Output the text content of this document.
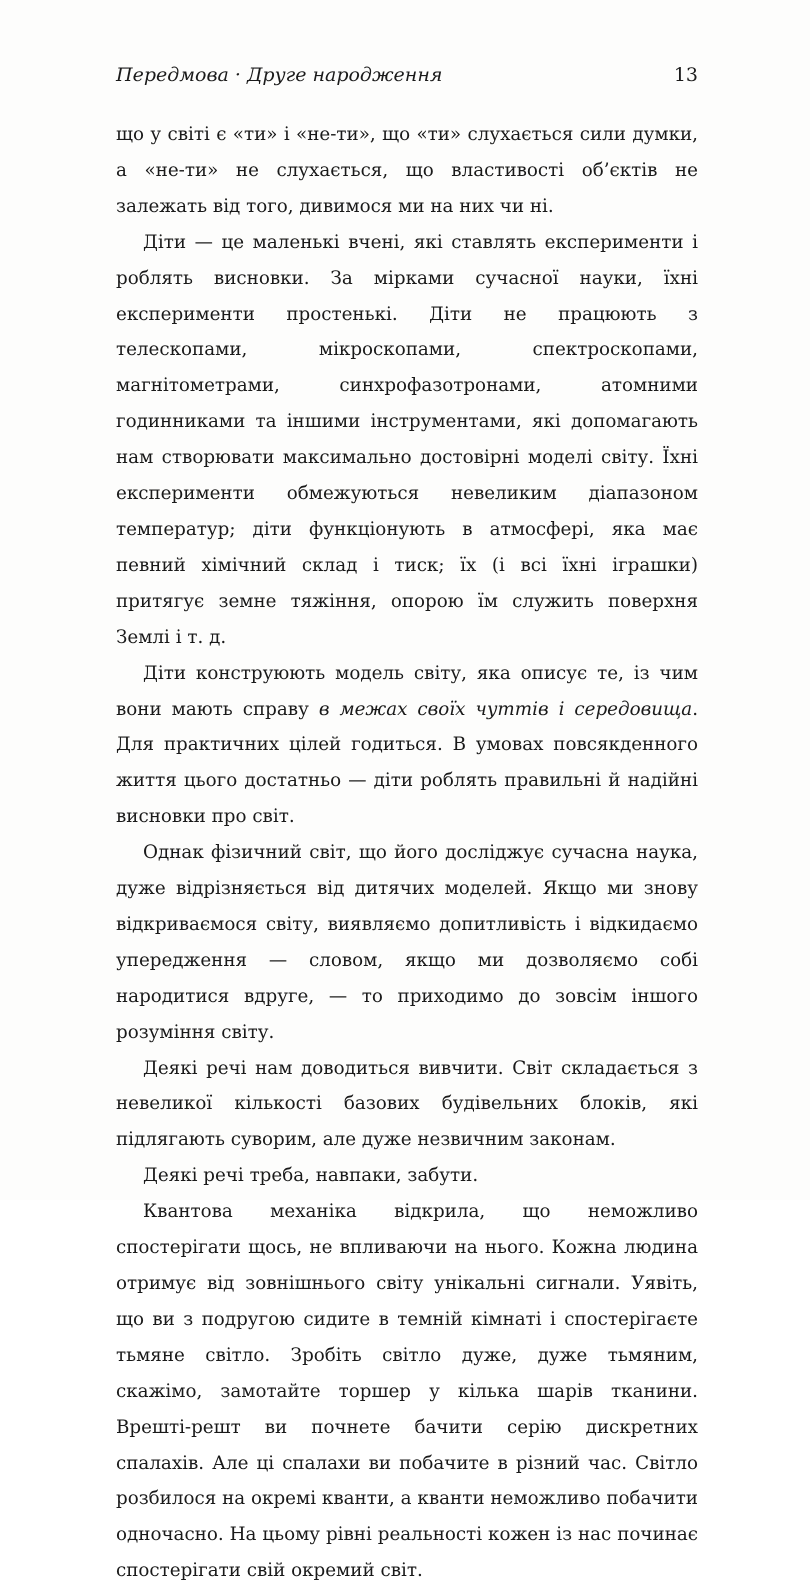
Передмова · Друге народження	13

що у світі є «ти» і «не-ти», що «ти» слухається сили думки, а «не-ти» не слухається, що властивості об’єктів не залежать від того, дивимося ми на них чи ні.

Діти — це маленькі вчені, які ставлять експерименти і роблять висновки. За мірками сучасної науки, їхні експерименти простенькі. Діти не працюють з телескопами, мікроскопами, спектроскопами, магнітометрами, синхрофазотронами, атомними годинниками та іншими інструментами, які допомагають нам створювати максимально достовірні моделі світу. Їхні експерименти обмежуються невеликим діапазоном температур; діти функціонують в атмосфері, яка має певний хімічний склад і тиск; їх (і всі їхні іграшки) притягує земне тяжіння, опорою їм служить поверхня Землі і т. д.

Діти конструюють модель світу, яка описує те, із чим вони мають справу в межах своїх чуттів і середовища. Для практичних цілей годиться. В умовах повсякденного життя цього достатньо — діти роблять правильні й надійні висновки про світ.

Однак фізичний світ, що його досліджує сучасна наука, дуже відрізняється від дитячих моделей. Якщо ми знову відкриваємося світу, виявляємо допитливість і відкидаємо упередження — словом, якщо ми дозволяємо собі народитися вдруге, — то приходимо до зовсім іншого розуміння світу.

Деякі речі нам доводиться вивчити. Світ складається з невеликої кількості базових будівельних блоків, які підлягають суворим, але дуже незвичним законам.

Деякі речі треба, навпаки, забути.

Квантова механіка відкрила, що неможливо спостерігати щось, не впливаючи на нього. Кожна людина отримує від зовнішнього світу унікальні сигнали. Уявіть, що ви з подругою сидите в темній кімнаті і спостерігаєте тьмяне світло. Зробіть світло дуже, дуже тьмяним, скажімо, замотайте торшер у кілька шарів тканини. Врешті-решт ви почнете бачити серію дискретних спалахів. Але ці спалахи ви побачите в різний час. Світло розбилося на окремі кванти, а кванти неможливо побачити одночасно. На цьому рівні реальності кожен із нас починає спостерігати свій окремий світ.
